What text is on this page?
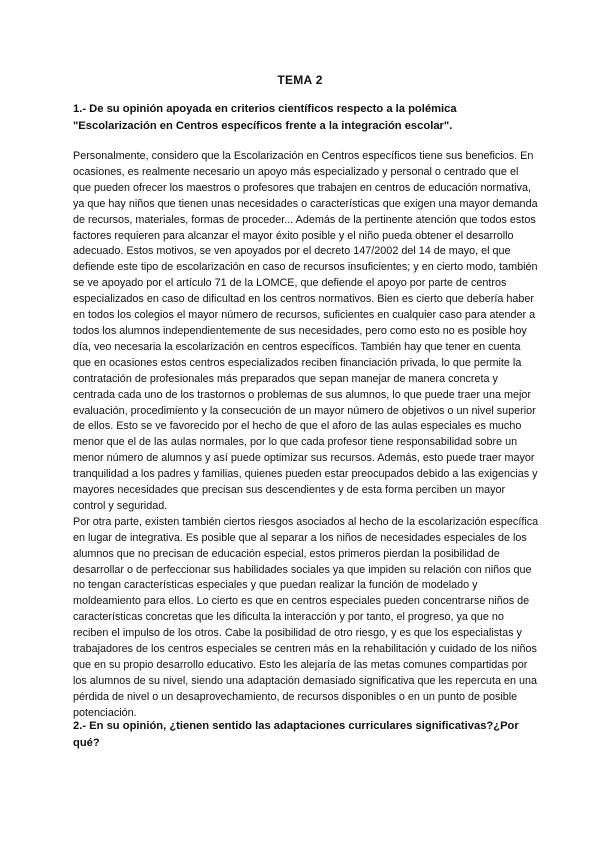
TEMA 2
1.- De su opinión apoyada en criterios científicos respecto a la polémica "Escolarización en Centros específicos frente a la integración escolar".

Personalmente, considero que la Escolarización en Centros específicos tiene sus beneficios. En ocasiones, es realmente necesario un apoyo más especializado y personal o centrado que el que pueden ofrecer los maestros o profesores que trabajen en centros de educación normativa, ya que hay niños que tienen unas necesidades o características que exigen una mayor demanda de recursos, materiales, formas de proceder... Además de la pertinente atención que todos estos factores requieren para alcanzar el mayor éxito posible y el niño pueda obtener el desarrollo adecuado. Estos motivos, se ven apoyados por el decreto 147/2002 del 14 de mayo, el que defiende este tipo de escolarización en caso de recursos insuficientes; y en cierto modo, también se ve apoyado por el artículo 71 de la LOMCE, que defiende el apoyo por parte de centros especializados en caso de dificultad en los centros normativos. Bien es cierto que debería haber en todos los colegios el mayor número de recursos, suficientes en cualquier caso para atender a todos los alumnos independientemente de sus necesidades, pero como esto no es posible hoy día, veo necesaria la escolarización en centros específicos. También hay que tener en cuenta que en ocasiones estos centros especializados reciben financiación privada, lo que permite la contratación de profesionales más preparados que sepan manejar de manera concreta y centrada cada uno de los trastornos o problemas de sus alumnos, lo que puede traer una mejor evaluación, procedimiento y la consecución de un mayor número de objetivos o un nivel superior de ellos. Esto se ve favorecido por el hecho de que el aforo de las aulas especiales es mucho menor que el de las aulas normales, por lo que cada profesor tiene responsabilidad sobre un menor número de alumnos y así puede optimizar sus recursos. Además, esto puede traer mayor tranquilidad a los padres y familias, quienes pueden estar preocupados debido a las exigencias y mayores necesidades que precisan sus descendientes y de esta forma perciben un mayor control y seguridad.

Por otra parte, existen también ciertos riesgos asociados al hecho de la escolarización específica en lugar de integrativa. Es posible que al separar a los niños de necesidades especiales de los alumnos que no precisan de educación especial, estos primeros pierdan la posibilidad de desarrollar o de perfeccionar sus habilidades sociales ya que impiden su relación con niños que no tengan características especiales y que puedan realizar la función de modelado y moldeamiento para ellos. Lo cierto es que en centros especiales pueden concentrarse niños de características concretas que les dificulta la interacción y por tanto, el progreso, ya que no reciben el impulso de los otros. Cabe la posibilidad de otro riesgo, y es que los especialistas y trabajadores de los centros especiales se centren más en la rehabilitación y cuidado de los niños que en su propio desarrollo educativo. Esto les alejaría de las metas comunes compartidas por los alumnos de su nivel, siendo una adaptación demasiado significativa que les repercuta en una pérdida de nivel o un desaprovechamiento, de recursos disponibles o en un punto de posible potenciación.

2.- En su opinión, ¿tienen sentido las adaptaciones curriculares significativas?¿Por qué?
